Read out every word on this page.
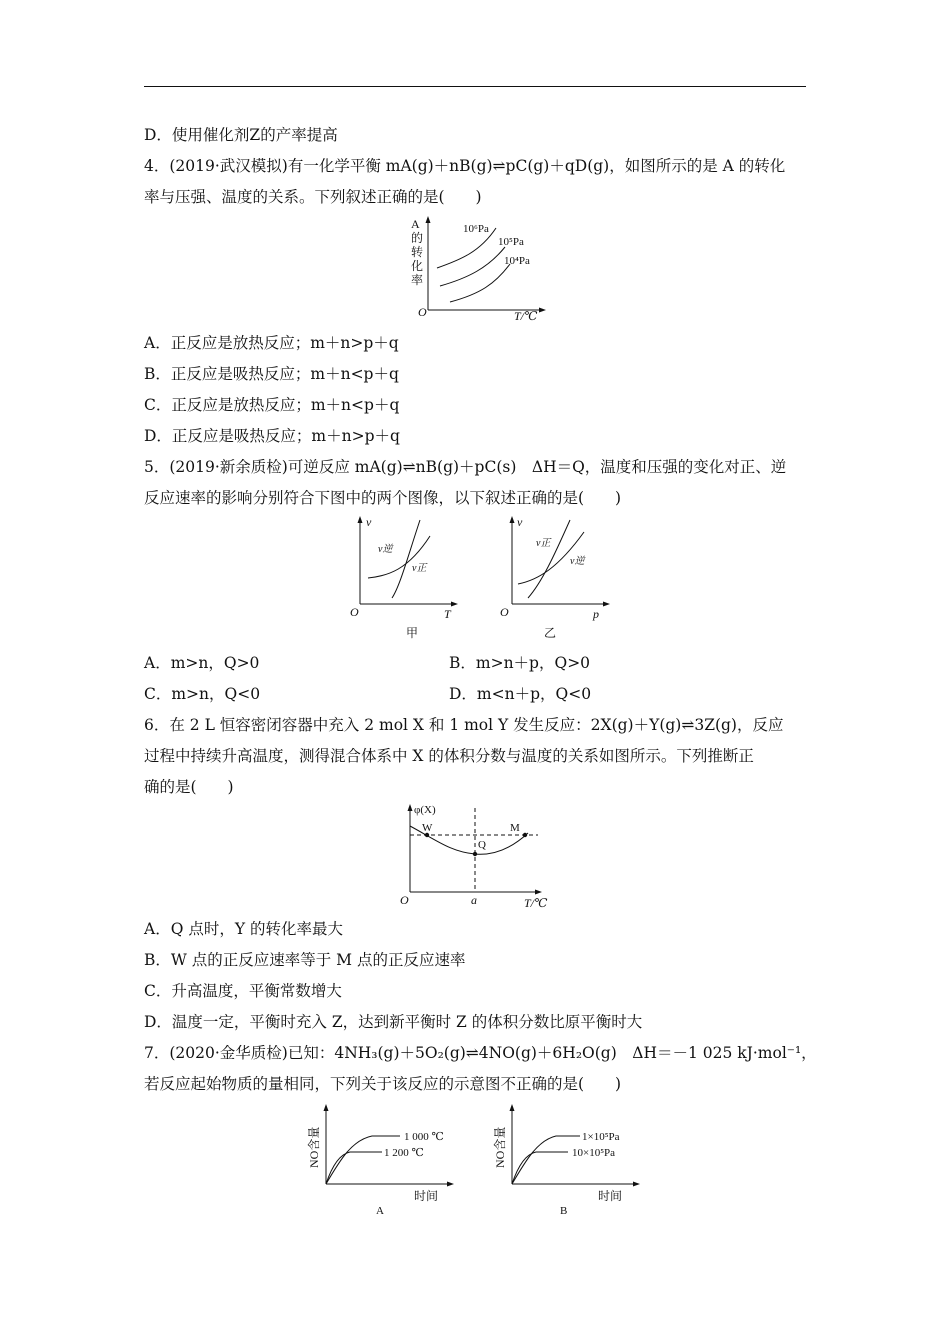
D．使用催化剂Z的产率提高
4．(2019·武汉模拟)有一化学平衡 mA(g)＋nB(g)⇌pC(g)＋qD(g)，如图所示的是 A 的转化
率与压强、温度的关系。下列叙述正确的是(　　)
A
的
转
化
率
O	T/℃
10⁶Pa
10⁵Pa
10⁴Pa
A．正反应是放热反应；m＋n>p＋q
B．正反应是吸热反应；m＋n<p＋q
C．正反应是放热反应；m＋n<p＋q
D．正反应是吸热反应；m＋n>p＋q
5．(2019·新余质检)可逆反应 mA(g)⇌nB(g)＋pC(s)　ΔH＝Q，温度和压强的变化对正、逆
反应速率的影响分别符合下图中的两个图像，以下叙述正确的是(　　)
v
O	T
v逆
v正
甲
v
O	p
v正
v逆
乙
A．m>n，Q>0	B．m>n＋p，Q>0
C．m>n，Q<0	D．m<n＋p，Q<0
6．在 2 L 恒容密闭容器中充入 2 mol X 和 1 mol Y 发生反应：2X(g)＋Y(g)⇌3Z(g)，反应
过程中持续升高温度，测得混合体系中 X 的体积分数与温度的关系如图所示。下列推断正
确的是(　　)
φ(X)
O	a	T/℃
W	M
Q
A．Q 点时，Y 的转化率最大
B．W 点的正反应速率等于 M 点的正反应速率
C．升高温度，平衡常数增大
D．温度一定，平衡时充入 Z，达到新平衡时 Z 的体积分数比原平衡时大
7．(2020·金华质检)已知：4NH₃(g)＋5O₂(g)⇌4NO(g)＋6H₂O(g)　ΔH＝－1 025 kJ·mol⁻¹，
若反应起始物质的量相同，下列关于该反应的示意图不正确的是(　　)
NO含量
时间
1 000 ℃
1 200 ℃
A
NO含量
时间
1×10⁵Pa
10×10⁵Pa
B
